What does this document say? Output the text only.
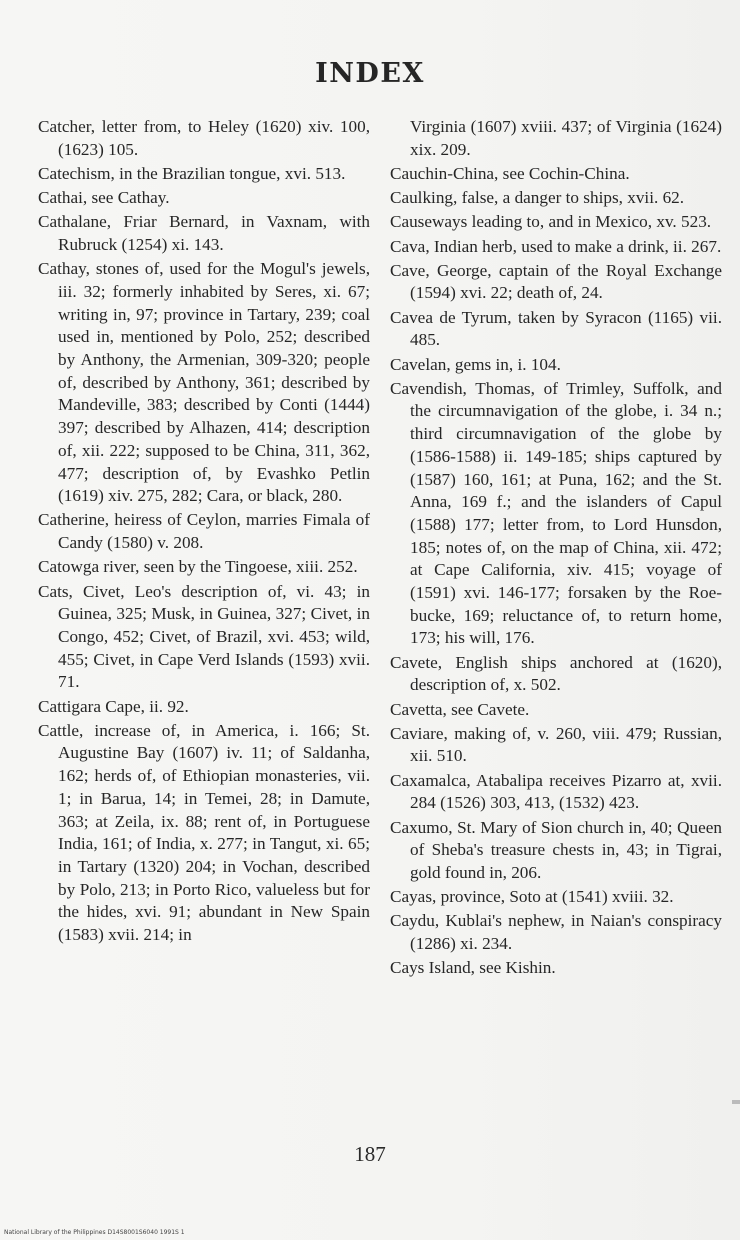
INDEX

Catcher, letter from, to Heley (1620) xiv. 100, (1623) 105.

Catechism, in the Brazilian tongue, xvi. 513.

Cathai, see Cathay.

Cathalane, Friar Bernard, in Vaxnam, with Rubruck (1254) xi. 143.

Cathay, stones of, used for the Mogul's jewels, iii. 32; formerly inhabited by Seres, xi. 67; writing in, 97; province in Tartary, 239; coal used in, mentioned by Polo, 252; described by Anthony, the Armenian, 309-320; people of, described by Anthony, 361; described by Mandeville, 383; described by Conti (1444) 397; described by Alhazen, 414; description of, xii. 222; supposed to be China, 311, 362, 477; description of, by Evashko Petlin (1619) xiv. 275, 282; Cara, or black, 280.

Catherine, heiress of Ceylon, marries Fimala of Candy (1580) v. 208.

Catowga river, seen by the Tingoese, xiii. 252.

Cats, Civet, Leo's description of, vi. 43; in Guinea, 325; Musk, in Guinea, 327; Civet, in Congo, 452; Civet, of Brazil, xvi. 453; wild, 455; Civet, in Cape Verd Islands (1593) xvii. 71.

Cattigara Cape, ii. 92.

Cattle, increase of, in America, i. 166; St. Augustine Bay (1607) iv. 11; of Saldanha, 162; herds of, of Ethiopian monasteries, vii. 1; in Barua, 14; in Temei, 28; in Damute, 363; at Zeila, ix. 88; rent of, in Portuguese India, 161; of India, x. 277; in Tangut, xi. 65; in Tartary (1320) 204; in Vochan, described by Polo, 213; in Porto Rico, valueless but for the hides, xvi. 91; abundant in New Spain (1583) xvii. 214; in

Virginia (1607) xviii. 437; of Virginia (1624) xix. 209.

Cauchin-China, see Cochin-China.

Caulking, false, a danger to ships, xvii. 62.

Causeways leading to, and in Mexico, xv. 523.

Cava, Indian herb, used to make a drink, ii. 267.

Cave, George, captain of the Royal Exchange (1594) xvi. 22; death of, 24.

Cavea de Tyrum, taken by Syracon (1165) vii. 485.

Cavelan, gems in, i. 104.

Cavendish, Thomas, of Trimley, Suffolk, and the circumnavigation of the globe, i. 34 n.; third circumnavigation of the globe by (1586-1588) ii. 149-185; ships captured by (1587) 160, 161; at Puna, 162; and the St. Anna, 169 f.; and the islanders of Capul (1588) 177; letter from, to Lord Hunsdon, 185; notes of, on the map of China, xii. 472; at Cape California, xiv. 415; voyage of (1591) xvi. 146-177; forsaken by the Roe-bucke, 169; reluctance of, to return home, 173; his will, 176.

Cavete, English ships anchored at (1620), description of, x. 502.

Cavetta, see Cavete.

Caviare, making of, v. 260, viii. 479; Russian, xii. 510.

Caxamalca, Atabalipa receives Pizarro at, xvii. 284 (1526) 303, 413, (1532) 423.

Caxumo, St. Mary of Sion church in, 40; Queen of Sheba's treasure chests in, 43; in Tigrai, gold found in, 206.

Cayas, province, Soto at (1541) xviii. 32.

Caydu, Kublai's nephew, in Naian's conspiracy (1286) xi. 234.

Cays Island, see Kishin.

187
National Library of the Philippines D14S8001S6040 1991S 1
